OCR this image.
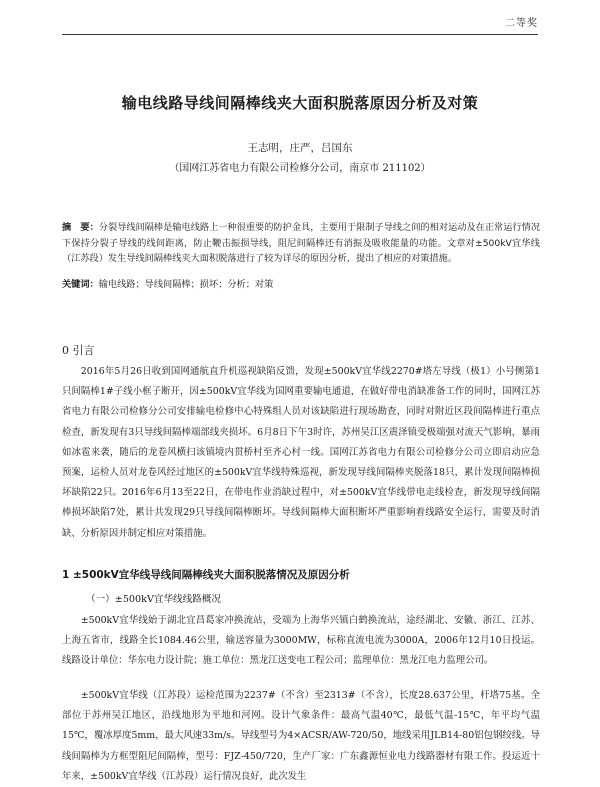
二等奖
输电线路导线间隔棒线夹大面积脱落原因分析及对策
王志明，庄严，吕国东
（国网江苏省电力有限公司检修分公司，南京市 211102）
摘　要：分裂导线间隔棒是输电线路上一种很重要的防护金具，主要用于限制子导线之间的相对运动及在正常运行情况下保持分裂子导线的线间距离，防止鞭击振损导线，阻尼间隔棒还有消振及吸收能量的功能。文章对±500kV宜华线（江苏段）发生导线间隔棒线夹大面积脱落进行了较为详尽的原因分析，提出了相应的对策措施。
关键词：输电线路；导线间隔棒；损坏；分析；对策
0 引言
2016年5月26日收到国网通航直升机巡视缺陷反馈，发现±500kV宜华线2270#塔左导线（极1）小号侧第1只间隔棒1#子线小框子断开，因±500kV宜华线为国网重要输电通道，在做好带电消缺准备工作的同时，国网江苏省电力有限公司检修分公司安排输电检修中心特殊组人员对该缺陷进行现场勘查，同时对附近区段间隔棒进行重点检查，新发现有3只导线间隔棒端部线夹损坏。6月8日下午3时许，苏州吴江区震泽镇受极端强对流天气影响，暴雨如冰雹来袭，随后的龙卷风横扫该镇境内贯桥村至齐心村一线。国网江苏省电力有限公司检修分公司立即启动应急预案，运检人员对龙卷风经过地区的±500kV宜华线特殊巡视，新发现导线间隔棒夹脱落18只，累计发现间隔棒损坏缺陷22只。2016年6月13至22日，在带电作业消缺过程中，对±500kV宜华线带电走线检查，新发现导线间隔棒损坏缺陷7处，累计共发现29只导线间隔棒断坏。导线间隔棒大面积断坏严重影响着线路安全运行，需要及时消缺、分析原因并制定相应对策措施。
1 ±500kV宜华线导线间隔棒线夹大面积脱落情况及原因分析
（一）±500kV宜华线线路概况
±500kV宜华线始于湖北宜昌葛家冲换流站，受端为上海华兴镇白鹤换流站，途经湖北、安徽、浙江、江苏、上海五省市，线路全长1084.46公里，输送容量为3000MW，标称直流电流为3000A，2006年12月10日投运。线路设计单位：华东电力设计院；施工单位：黑龙江送变电工程公司；监理单位：黑龙江电力监理公司。
±500kV宜华线（江苏段）运检范围为2237#（不含）至2313#（不含），长度28.637公里，杆塔75基。全部位于苏州吴江地区，沿线地形为平地和河网。设计气象条件：最高气温40℃，最低气温-15℃，年平均气温15℃，覆冰厚度5mm，最大风速33m/s。导线型号为4×ACSR/AW-720/50，地线采用JLB14-80铝包钢绞线。导线间隔棒为方框型阻尼间隔棒，型号：FJZ-450/720，生产厂家：广东鑫源恒业电力线路器材有限工作。投运近十年来，±500kV宜华线（江苏段）运行情况良好，此次发生
